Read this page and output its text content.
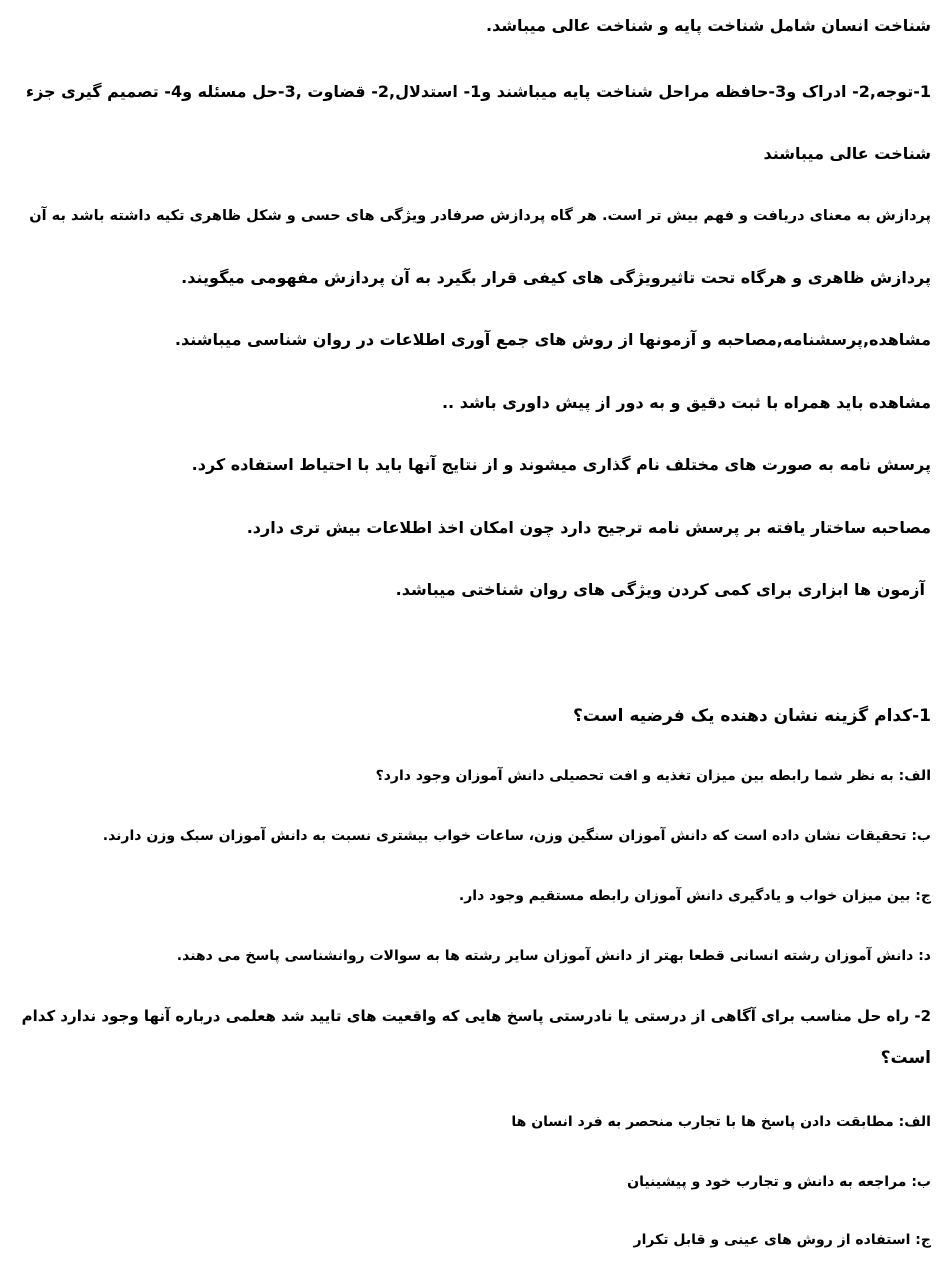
شناخت انسان شامل شناخت پایه و شناخت عالی میباشد.
1-توجه,2- ادراک و3-حافظه مراحل شناخت پایه میباشند و1- استدلال,2- قضاوت ,3-حل مسئله و4- تصمیم گیری جزء
شناخت عالی میباشند
پردازش به معنای دریافت و فهم بیش تر است. هر گاه پردازش صرفادر ویژگی های حسی و شکل ظاهری تکیه داشته باشد به آن
پردازش ظاهری و هرگاه تحت تاثیرویژگی های کیفی قرار بگیرد به آن پردازش مفهومی میگویند.
مشاهده,پرسشنامه,مصاحبه و آزمونها از روش های جمع آوری اطلاعات در روان شناسی میباشند.
مشاهده باید همراه با ثبت دقیق و به دور از پیش داوری باشد ..
پرسش نامه به صورت های مختلف نام گذاری میشوند و از نتایج آنها باید با احتیاط استفاده کرد.
مصاحبه ساختار یافته بر پرسش نامه ترجیح دارد چون امکان اخذ اطلاعات بیش تری دارد.
آزمون ها ابزاری برای کمی کردن ویژگی های روان شناختی میباشد.
1-کدام گزینه نشان دهنده یک فرضیه است؟
الف: به نظر شما رابطه بین میزان تغذیه و افت تحصیلی دانش آموزان وجود دارد؟
ب: تحقیقات نشان داده است که دانش آموزان سنگین وزن، ساعات خواب بیشتری نسبت به دانش آموزان سبک وزن دارند.
ج: بین میزان خواب و یادگیری دانش آموزان رابطه مستقیم وجود دار.
د: دانش آموزان رشته انسانی قطعا بهتر از دانش آموزان سایر رشته ها به سوالات روانشناسی پاسخ می دهند.
2- راه حل مناسب برای آگاهی از درستی یا نادرستی پاسخ هایی که واقعیت های تایید شد هعلمی درباره آنها وجود ندارد کدام
است؟
الف: مطابقت دادن پاسخ ها با تجارب منحصر به فرد انسان ها
ب: مراجعه به دانش و تجارب خود و پیشینیان
ج: استفاده از روش های عینی و قابل تکرار
